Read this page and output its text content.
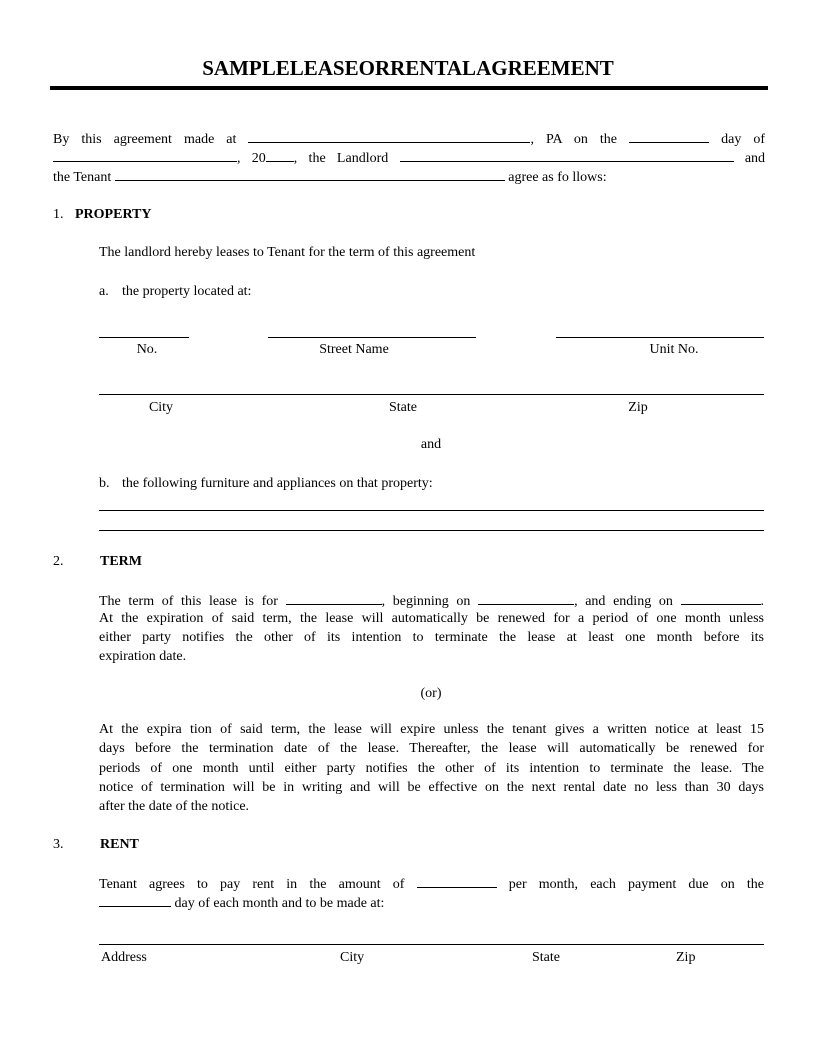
SAMPLELEASEORRENTALAGREEMENT
By this agreement made at	, PA on the	day of
, 20 , the Landlord	and
the Tenant	agree as fo llows:
1. PROPERTY
The landlord hereby leases to Tenant for the term of this agreement
a. the property located at:
No.	Street Name	Unit No.
City	State	Zip
and
b. the following furniture and appliances on that property:
2.	TERM
The term of this lease is for	, beginning on	, and ending on	.
At the expiration of said term, the lease will automatically be renewed for a period of one month unless
either party notifies the other of its intention to terminate the lease at least one month before its
expiration date.
(or)
At the expira tion of said term, the lease will expire unless the tenant gives a written notice at least 15
days before the termination date of the lease. Thereafter, the lease will automatically be renewed for
periods of one month until either party notifies the other of its intention to terminate the lease. The
notice of termination will be in writing and will be effective on the next rental date no less than 30 days
after the date of the notice.
3.	RENT
Tenant agrees to pay rent in the amount of	per month, each payment due on the
day of each month and to be made at:
Address	City	State	Zip
